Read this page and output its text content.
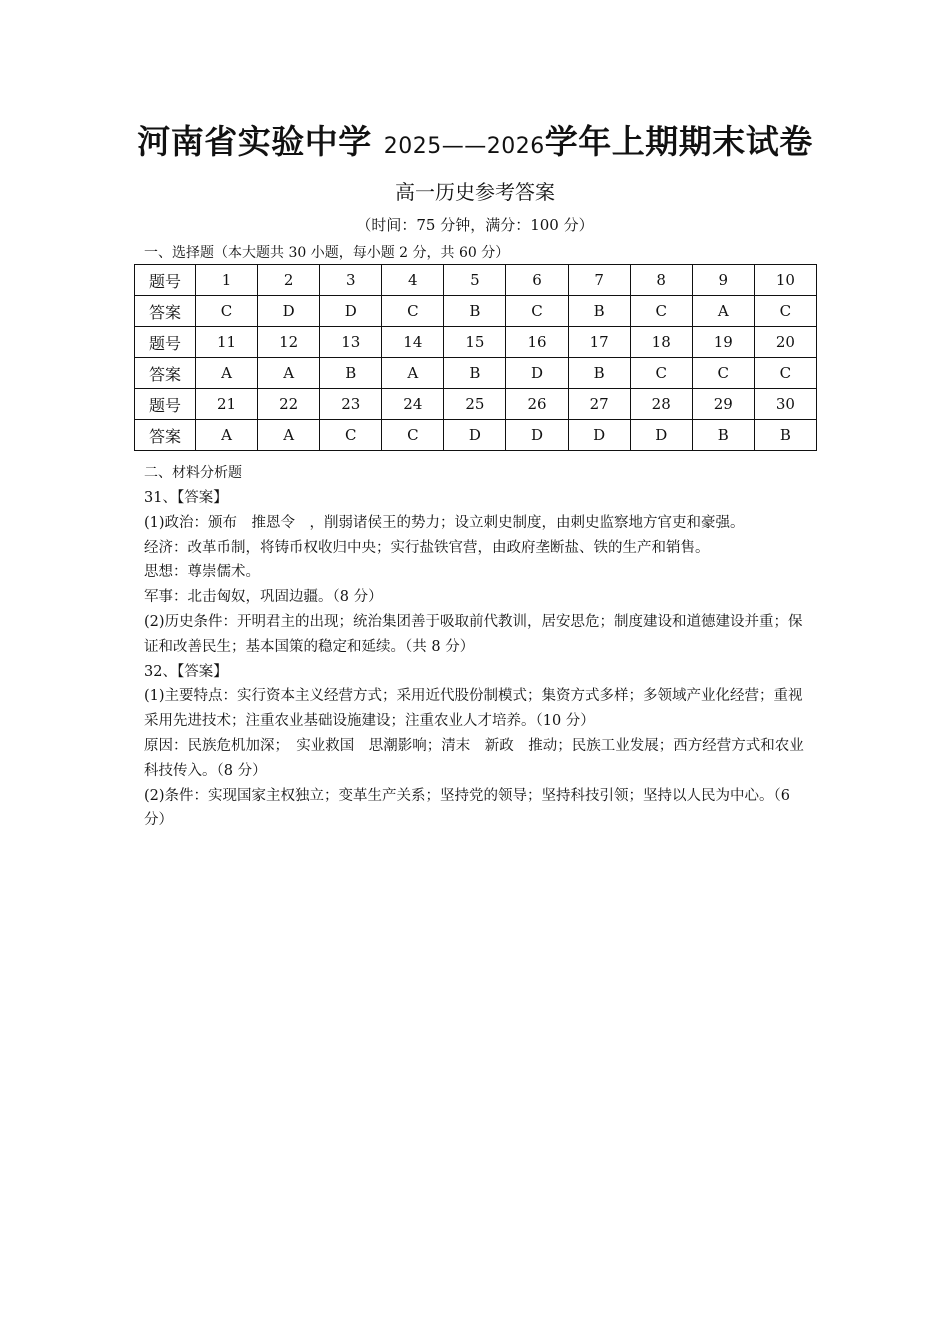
河南省实验中学 2025——2026学年上期期末试卷
高一历史参考答案
（时间：75 分钟，满分：100 分）
一、选择题（本大题共 30 小题，每小题 2 分，共 60 分）
题号	1	2	3	4	5	6	7	8	9	10
答案	C	D	D	C	B	C	B	C	A	C
题号	11	12	13	14	15	16	17	18	19	20
答案	A	A	B	A	B	D	B	C	C	C
题号	21	22	23	24	25	26	27	28	29	30
答案	A	A	C	C	D	D	D	D	B	B
二、材料分析题

31、【答案】

(1)政治：颁布　推恩令　，削弱诸侯王的势力；设立刺史制度，由刺史监察地方官吏和豪强。

经济：改革币制，将铸币权收归中央；实行盐铁官营，由政府垄断盐、铁的生产和销售。

思想：尊崇儒术。

军事：北击匈奴，巩固边疆。（8 分）

(2)历史条件：开明君主的出现；统治集团善于吸取前代教训，居安思危；制度建设和道德建设并重；保证和改善民生；基本国策的稳定和延续。（共 8 分）

32、【答案】

(1)主要特点：实行资本主义经营方式；采用近代股份制模式；集资方式多样；多领域产业化经营；重视采用先进技术；注重农业基础设施建设；注重农业人才培养。（10 分）

原因：民族危机加深；　实业救国　思潮影响；清末　新政　推动；民族工业发展；西方经营方式和农业科技传入。（8 分）

(2)条件：实现国家主权独立；变革生产关系；坚持党的领导；坚持科技引领；坚持以人民为中心。（6 分）
